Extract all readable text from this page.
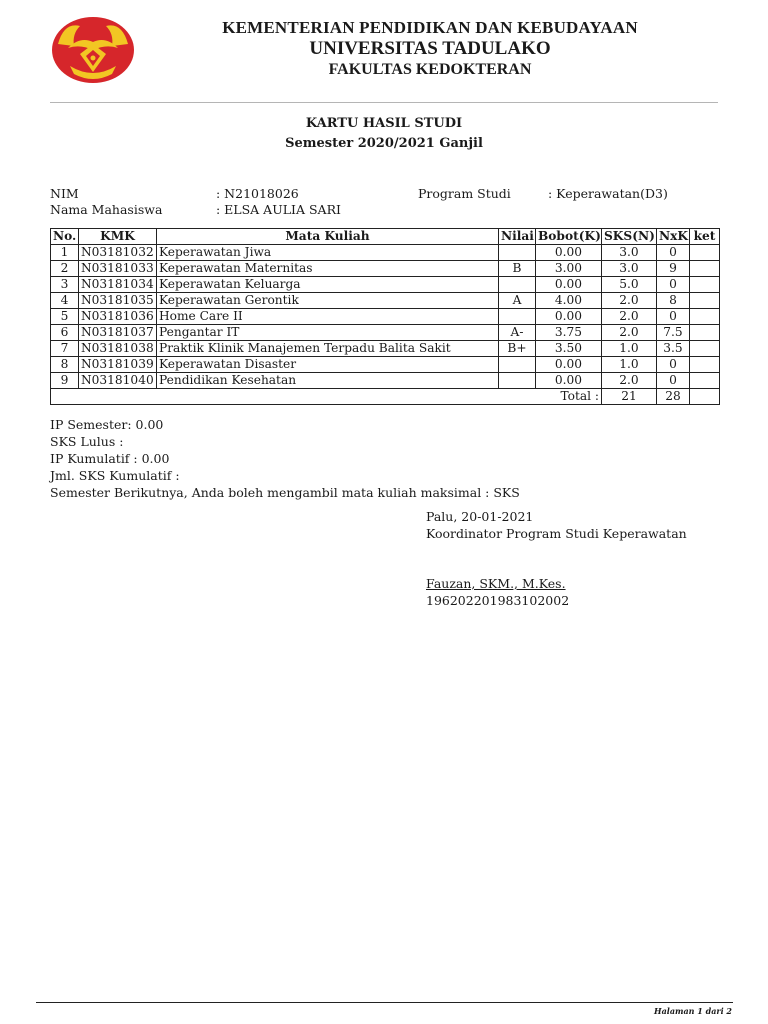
KEMENTERIAN PENDIDIKAN DAN KEBUDAYAAN
UNIVERSITAS TADULAKO
FAKULTAS KEDOKTERAN
KARTU HASIL STUDI
Semester 2020/2021 Ganjil
NIM	: N21018026	Program Studi	: Keperawatan(D3)
Nama Mahasiswa	: ELSA AULIA SARI
No.	KMK	Mata Kuliah	Nilai	Bobot(K)	SKS(N)	NxK	ket
1	N03181032	Keperawatan Jiwa		0.00	3.0	0	
2	N03181033	Keperawatan Maternitas	B	3.00	3.0	9	
3	N03181034	Keperawatan Keluarga		0.00	5.0	0	
4	N03181035	Keperawatan Gerontik	A	4.00	2.0	8	
5	N03181036	Home Care II		0.00	2.0	0	
6	N03181037	Pengantar IT	A-	3.75	2.0	7.5	
7	N03181038	Praktik Klinik Manajemen Terpadu Balita Sakit	B+	3.50	1.0	3.5	
8	N03181039	Keperawatan Disaster		0.00	1.0	0	
9	N03181040	Pendidikan Kesehatan		0.00	2.0	0	
Total :					21	28	
IP Semester: 0.00
SKS Lulus :
IP Kumulatif : 0.00
Jml. SKS Kumulatif :
Semester Berikutnya, Anda boleh mengambil mata kuliah maksimal : SKS
Palu, 20-01-2021
Koordinator Program Studi Keperawatan
Fauzan, SKM., M.Kes.
196202201983102002
Halaman 1 dari 2
